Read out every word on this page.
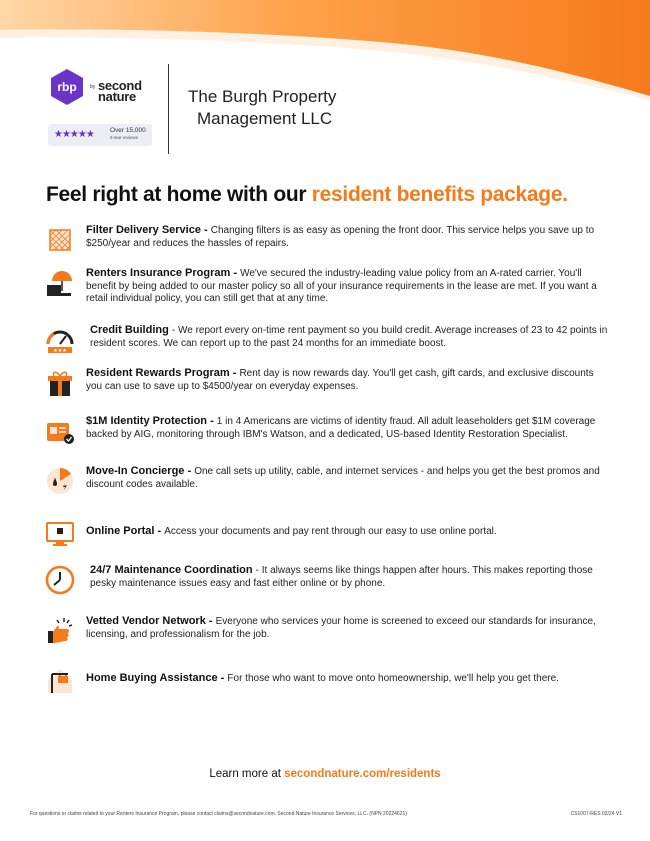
rbp	by second
nature
★★★★★ Over 15,000
5-star reviews
The Burgh Property
Management LLC
Feel right at home with our resident benefits package.
Filter Delivery Service - Changing filters is as easy as opening the front door. This service helps you save up to $250/year and reduces the hassles of repairs.
Renters Insurance Program - We've secured the industry-leading value policy from an A-rated carrier. You'll benefit by being added to our master policy so all of your insurance requirements in the lease are met. If you want a retail individual policy, you can still get that at any time.
★★★
Credit Building - We report every on-time rent payment so you build credit. Average increases of 23 to 42 points in resident scores. We can report up to the past 24 months for an immediate boost.
Resident Rewards Program - Rent day is now rewards day. You'll get cash, gift cards, and exclusive discounts you can use to save up to $4500/year on everyday expenses.
$1M Identity Protection - 1 in 4 Americans are victims of identity fraud. All adult leaseholders get $1M coverage backed by AIG, monitoring through IBM's Watson, and a dedicated, US-based Identity Restoration Specialist.
Move-In Concierge - One call sets up utility, cable, and internet services - and helps you get the best promos and discount codes available.
Online Portal - Access your documents and pay rent through our easy to use online portal.
24/7 Maintenance Coordination - It always seems like things happen after hours. This makes reporting those pesky maintenance issues easy and fast either online or by phone.
Vetted Vendor Network - Everyone who services your home is screened to exceed our standards for insurance, licensing, and professionalism for the job.
Home Buying Assistance - For those who want to move onto homeownership, we'll help you get there.
Learn more at secondnature.com/residents
For questions or claims related to your Renters Insurance Program, please contact claims@secondnature.com. Second Nature Insurance Services, LLC. (NPN 20224621)	CS1007-RES 02/24 V1
